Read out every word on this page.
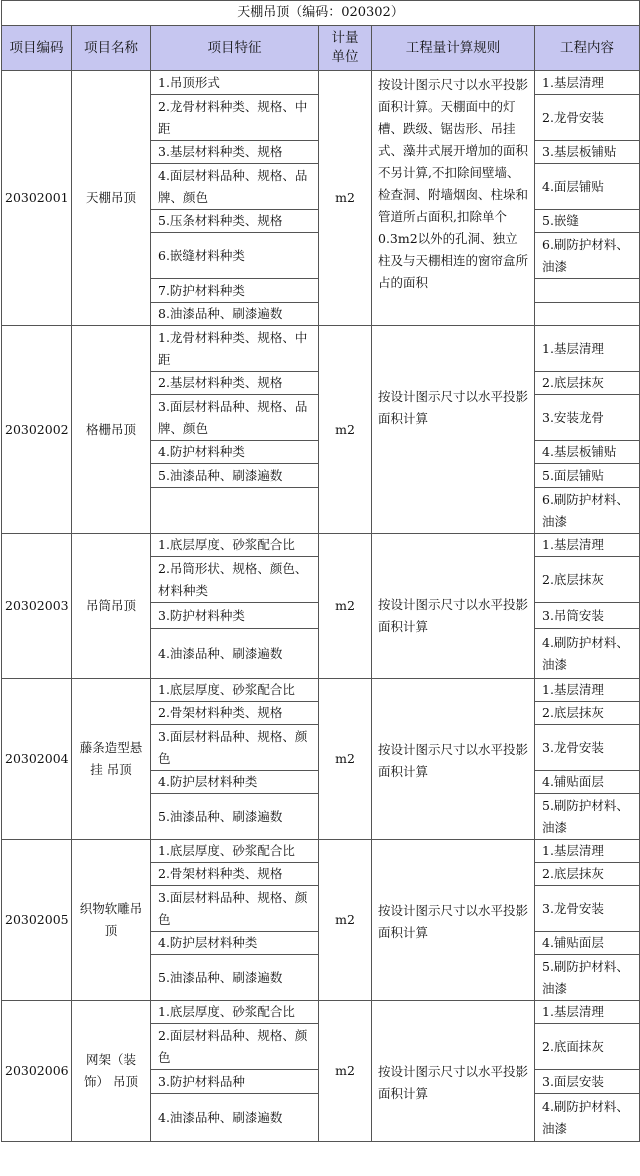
天棚吊顶（编码：020302）					
项目编码	项目名称	项目特征	计量单位	工程量计算规则	工程内容
20302001	天棚吊顶	1.吊顶形式	m2	按设计图示尺寸以水平投影面积计算。天棚面中的灯槽、跌级、锯齿形、吊挂式、藻井式展开增加的面积不另计算,不扣除间壁墙、检查洞、附墙烟囱、柱垛和管道所占面积,扣除单个0.3m2以外的孔洞、独立柱及与天棚相连的窗帘盒所占的面积	1.基层清理
		2.龙骨材料种类、规格、中距			2.龙骨安装
		3.基层材料种类、规格			3.基层板铺贴
		4.面层材料品种、规格、品牌、颜色			4.面层铺贴
		5.压条材料种类、规格			5.嵌缝
		6.嵌缝材料种类			6.刷防护材料、油漆
		7.防护材料种类			
		8.油漆品种、刷漆遍数			
20302002	格栅吊顶	1.龙骨材料种类、规格、中距	m2	按设计图示尺寸以水平投影面积计算	1.基层清理
		2.基层材料种类、规格			2.底层抹灰
		3.面层材料品种、规格、品牌、颜色			3.安装龙骨
		4.防护材料种类			4.基层板铺贴
		5.油漆品种、刷漆遍数			5.面层铺贴
					6.刷防护材料、油漆
20302003	吊筒吊顶	1.底层厚度、砂浆配合比	m2	按设计图示尺寸以水平投影面积计算	1.基层清理
		2.吊筒形状、规格、颜色、材料种类			2.底层抹灰
		3.防护材料种类			3.吊筒安装
		4.油漆品种、刷漆遍数			4.刷防护材料、油漆
20302004	藤条造型悬挂 吊顶	1.底层厚度、砂浆配合比	m2	按设计图示尺寸以水平投影面积计算	1.基层清理
		2.骨架材料种类、规格			2.底层抹灰
		3.面层材料品种、规格、颜色			3.龙骨安装
		4.防护层材料种类			4.铺贴面层
		5.油漆品种、刷漆遍数			5.刷防护材料、油漆
20302005	织物软雕吊顶	1.底层厚度、砂浆配合比	m2	按设计图示尺寸以水平投影面积计算	1.基层清理
		2.骨架材料种类、规格			2.底层抹灰
		3.面层材料品种、规格、颜色			3.龙骨安装
		4.防护层材料种类			4.铺贴面层
		5.油漆品种、刷漆遍数			5.刷防护材料、油漆
20302006	网架（装饰） 吊顶	1.底层厚度、砂浆配合比	m2	按设计图示尺寸以水平投影面积计算	1.基层清理
		2.面层材料品种、规格、颜色			2.底面抹灰
		3.防护材料品种			3.面层安装
		4.油漆品种、刷漆遍数			4.刷防护材料、油漆
